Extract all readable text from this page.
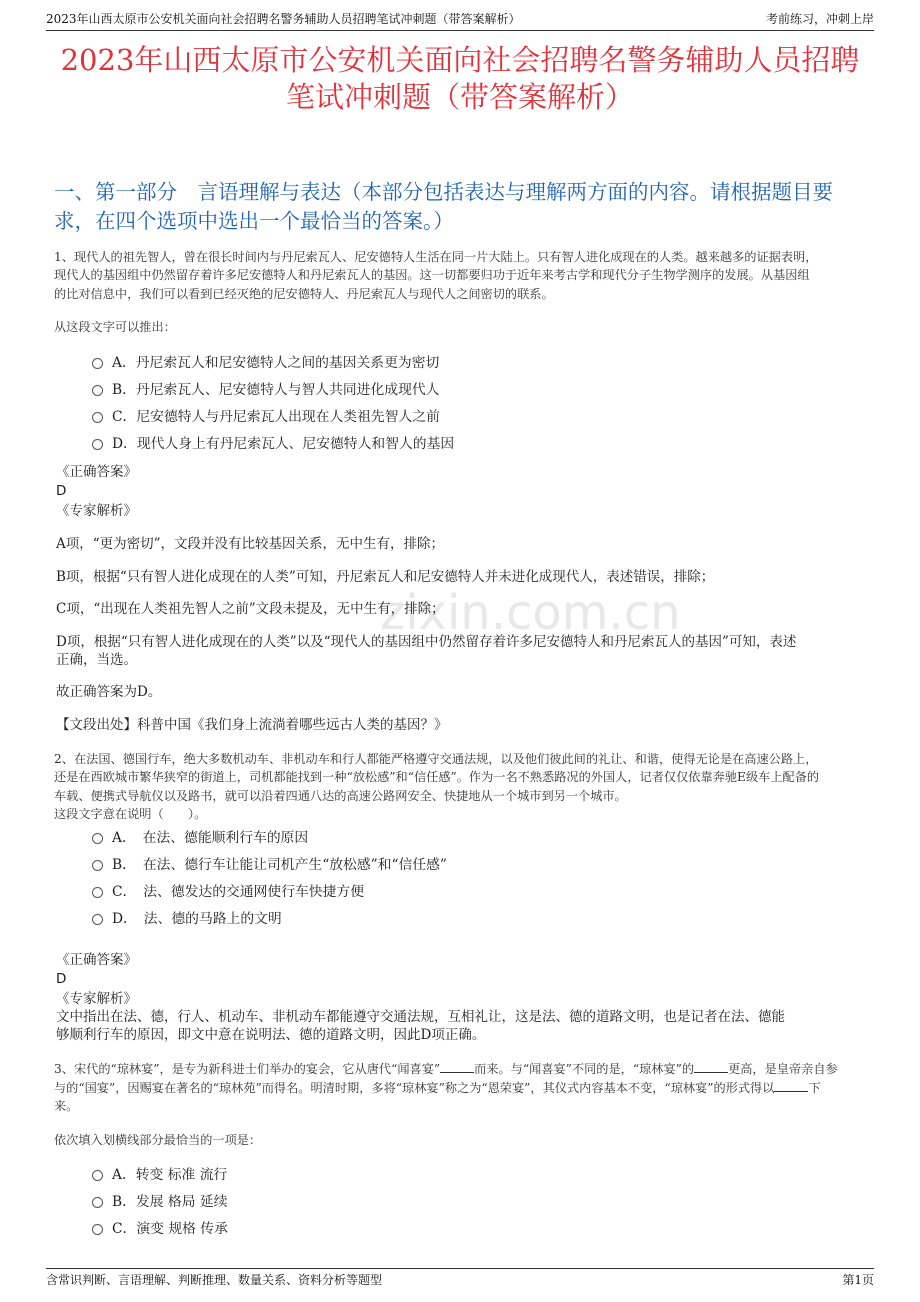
2023年山西太原市公安机关面向社会招聘名警务辅助人员招聘笔试冲刺题（带答案解析）	考前练习，冲刺上岸
2023年山西太原市公安机关面向社会招聘名警务辅助人员招聘
笔试冲刺题（带答案解析）
zixin.com.cn
一、第一部分　言语理解与表达（本部分包括表达与理解两方面的内容。请根据题目要求，在四个选项中选出一个最恰当的答案。）
1、现代人的祖先智人，曾在很长时间内与丹尼索瓦人、尼安德特人生活在同一片大陆上。只有智人进化成现在的人类。越来越多的证据表明，
现代人的基因组中仍然留存着许多尼安德特人和丹尼索瓦人的基因。这一切都要归功于近年来考古学和现代分子生物学测序的发展。从基因组
的比对信息中，我们可以看到已经灭绝的尼安德特人、丹尼索瓦人与现代人之间密切的联系。
从这段文字可以推出：
A．丹尼索瓦人和尼安德特人之间的基因关系更为密切
B．丹尼索瓦人、尼安德特人与智人共同进化成现代人
C．尼安德特人与丹尼索瓦人出现在人类祖先智人之前
D．现代人身上有丹尼索瓦人、尼安德特人和智人的基因
《正确答案》
D
《专家解析》
A项，“更为密切”，文段并没有比较基因关系，无中生有，排除；
B项，根据“只有智人进化成现在的人类”可知，丹尼索瓦人和尼安德特人并未进化成现代人，表述错误，排除；
C项，“出现在人类祖先智人之前”文段未提及，无中生有，排除；
D项，根据“只有智人进化成现在的人类”以及“现代人的基因组中仍然留存着许多尼安德特人和丹尼索瓦人的基因”可知，表述
正确，当选。
故正确答案为D。
【文段出处】科普中国《我们身上流淌着哪些远古人类的基因？》
2、在法国、德国行车，绝大多数机动车、非机动车和行人都能严格遵守交通法规，以及他们彼此间的礼让、和谐，使得无论是在高速公路上，
还是在西欧城市繁华狭窄的街道上，司机都能找到一种“放松感”和“信任感”。作为一名不熟悉路况的外国人，记者仅仅依靠奔驰E级车上配备的
车载、便携式导航仪以及路书，就可以沿着四通八达的高速公路网安全、快捷地从一个城市到另一个城市。
这段文字意在说明（　　）。
A．　在法、德能顺利行车的原因
B．　在法、德行车让能让司机产生“放松感”和“信任感”
C．　法、德发达的交通网使行车快捷方便
D．　法、德的马路上的文明
《正确答案》
D
《专家解析》
文中指出在法、德，行人、机动车、非机动车都能遵守交通法规，互相礼让，这是法、德的道路文明，也是记者在法、德能
够顺利行车的原因，即文中意在说明法、德的道路文明，因此D项正确。
3、宋代的“琼林宴”，是专为新科进士们举办的宴会，它从唐代“闻喜宴”	而来。与“闻喜宴”不同的是，“琼林宴”的	更高，是皇帝亲自参
与的“国宴”，因赐宴在著名的“琼林苑”而得名。明清时期，多将“琼林宴”称之为“恩荣宴”，其仪式内容基本不变，“琼林宴”的形式得以	下
来。
依次填入划横线部分最恰当的一项是：
A．转变 标准 流行
B．发展 格局 延续
C．演变 规格 传承
含常识判断、言语理解、判断推理、数量关系、资料分析等题型	第1页
